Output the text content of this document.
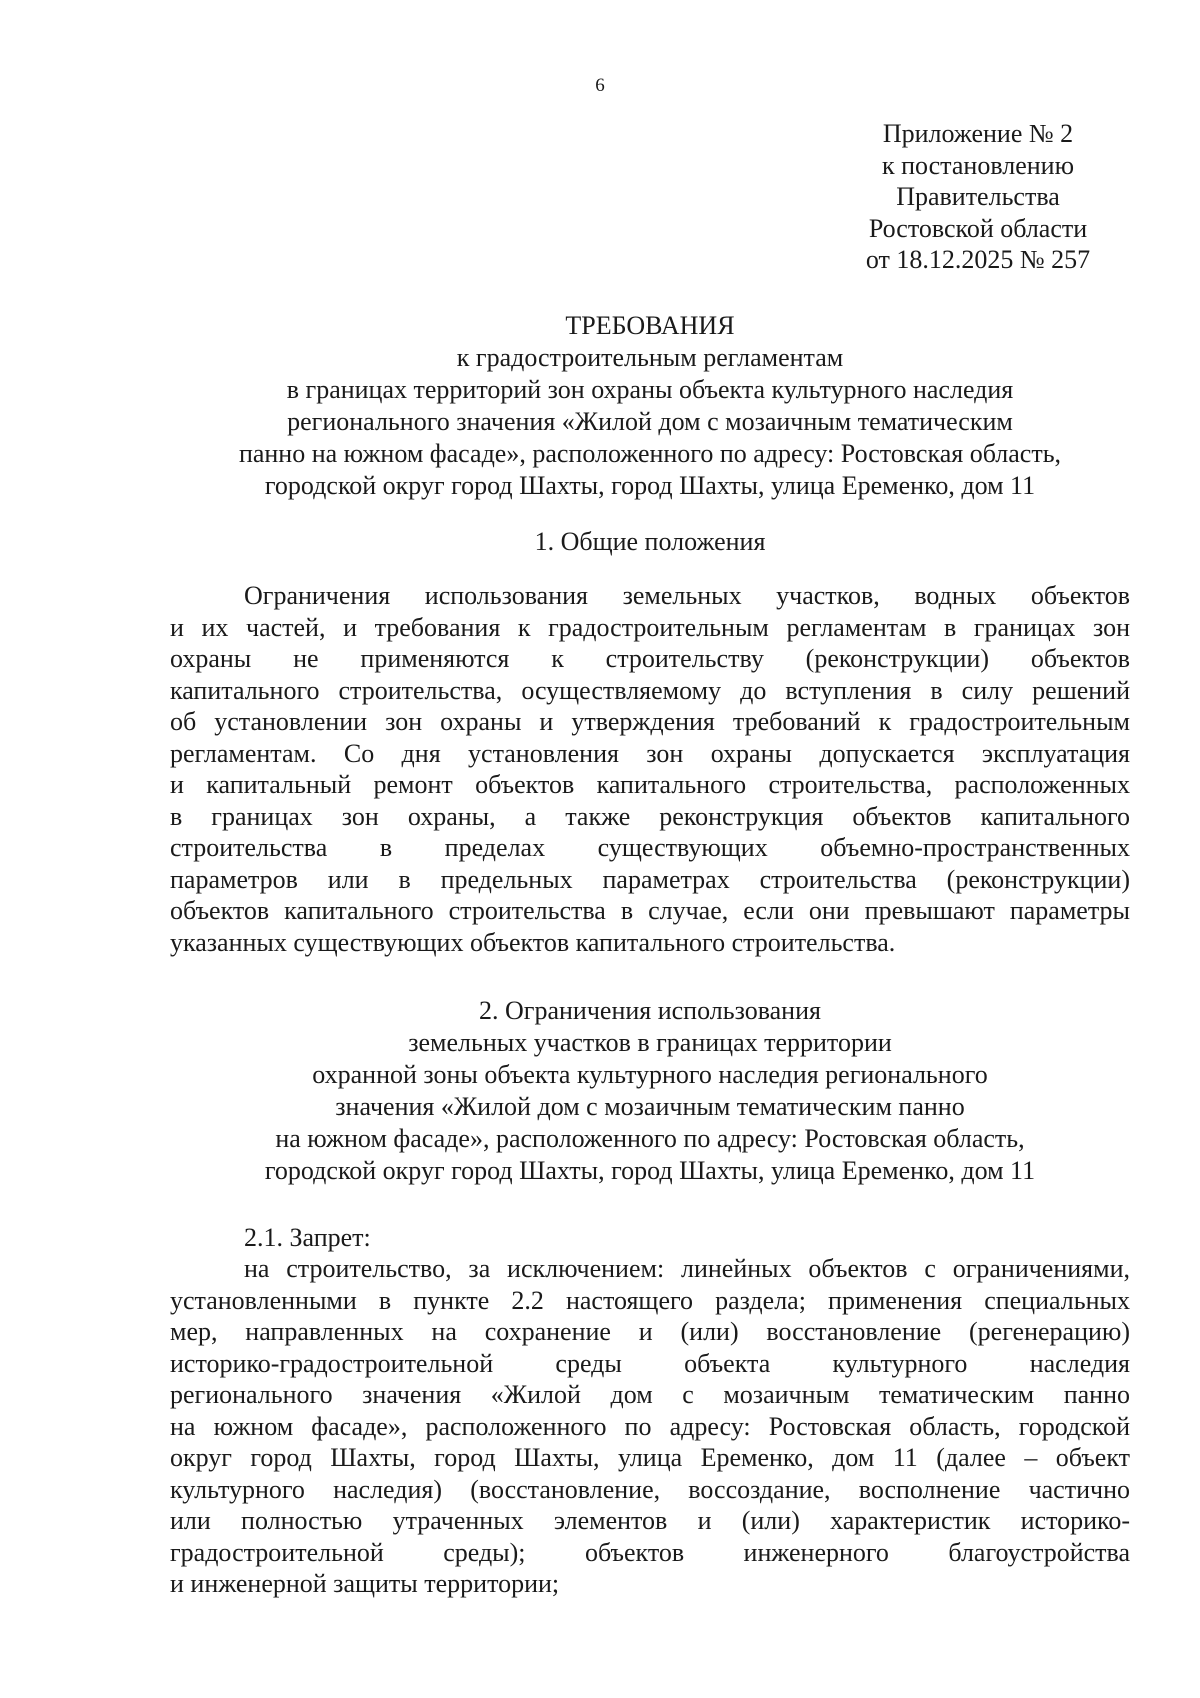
6
Приложение № 2
к постановлению
Правительства
Ростовской области
от 18.12.2025 № 257
ТРЕБОВАНИЯ
к градостроительным регламентам
в границах территорий зон охраны объекта культурного наследия
регионального значения «Жилой дом с мозаичным тематическим
панно на южном фасаде», расположенного по адресу: Ростовская область,
городской округ город Шахты, город Шахты, улица Еременко, дом 11
1. Общие положения
Ограничения использования земельных участков, водных объектов
и их частей, и требования к градостроительным регламентам в границах зон
охраны не применяются к строительству (реконструкции) объектов
капитального строительства, осуществляемому до вступления в силу решений
об установлении зон охраны и утверждения требований к градостроительным
регламентам. Со дня установления зон охраны допускается эксплуатация
и капитальный ремонт объектов капитального строительства, расположенных
в границах зон охраны, а также реконструкция объектов капитального
строительства в пределах существующих объемно-пространственных
параметров или в предельных параметрах строительства (реконструкции)
объектов капитального строительства в случае, если они превышают параметры
указанных существующих объектов капитального строительства.
2. Ограничения использования
земельных участков в границах территории
охранной зоны объекта культурного наследия регионального
значения «Жилой дом с мозаичным тематическим панно
на южном фасаде», расположенного по адресу: Ростовская область,
городской округ город Шахты, город Шахты, улица Еременко, дом 11
2.1. Запрет:
на строительство, за исключением: линейных объектов с ограничениями,
установленными в пункте 2.2 настоящего раздела; применения специальных
мер, направленных на сохранение и (или) восстановление (регенерацию)
историко-градостроительной среды объекта культурного наследия
регионального значения «Жилой дом с мозаичным тематическим панно
на южном фасаде», расположенного по адресу: Ростовская область, городской
округ город Шахты, город Шахты, улица Еременко, дом 11 (далее – объект
культурного наследия) (восстановление, воссоздание, восполнение частично
или полностью утраченных элементов и (или) характеристик историко-
градостроительной среды); объектов инженерного благоустройства
и инженерной защиты территории;
